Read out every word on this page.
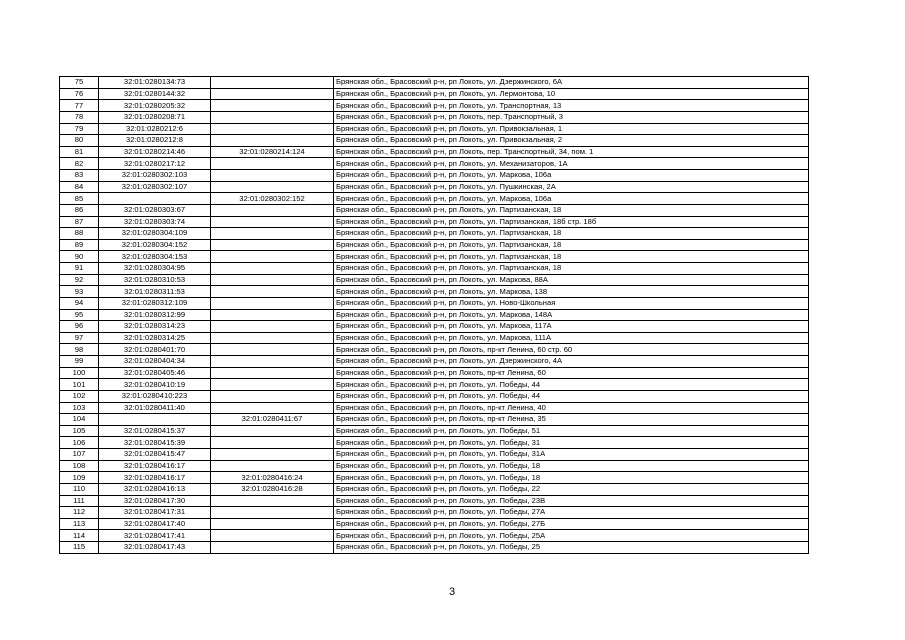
75	32:01:0280134:73		Брянская обл., Брасовский р-н, рп Локоть, ул. Дзержинского, 6А
76	32:01:0280144:32		Брянская обл., Брасовский р-н, рп Локоть, ул. Лермонтова, 10
77	32:01:0280205:32		Брянская обл., Брасовский р-н, рп Локоть, ул. Транспортная, 13
78	32:01:0280208:71		Брянская обл., Брасовский р-н, рп Локоть, пер. Транспортный, 3
79	32:01:0280212:6		Брянская обл., Брасовский р-н, рп Локоть, ул. Привокзальная, 1
80	32:01:0280212:8		Брянская обл., Брасовский р-н, рп Локоть, ул. Привокзальная, 2
81	32:01:0280214:46	32:01:0280214:124	Брянская обл., Брасовский р-н, рп Локоть, пер. Транспортный, 34, пом. 1
82	32:01:0280217:12		Брянская обл., Брасовский р-н, рп Локоть, ул. Механизаторов, 1А
83	32:01:0280302:103		Брянская обл., Брасовский р-н, рп Локоть, ул. Маркова, 106а
84	32:01:0280302:107		Брянская обл., Брасовский р-н, рп Локоть, ул. Пушкинская, 2А
85		32:01:0280302:152	Брянская обл., Брасовский р-н, рп Локоть, ул. Маркова, 106а
86	32:01:0280303:67		Брянская обл., Брасовский р-н, рп Локоть, ул. Партизанская, 18
87	32:01:0280303:74		Брянская обл., Брасовский р-н, рп Локоть, ул. Партизанская, 18б стр. 18б
88	32:01:0280304:109		Брянская обл., Брасовский р-н, рп Локоть, ул. Партизанская, 18
89	32:01:0280304:152		Брянская обл., Брасовский р-н, рп Локоть, ул. Партизанская, 18
90	32:01:0280304:153		Брянская обл., Брасовский р-н, рп Локоть, ул. Партизанская, 18
91	32:01:0280304:95		Брянская обл., Брасовский р-н, рп Локоть, ул. Партизанская, 18
92	32:01:0280310:53		Брянская обл., Брасовский р-н, рп Локоть, ул. Маркова, 88А
93	32:01:0280311:53		Брянская обл., Брасовский р-н, рп Локоть, ул. Маркова, 138
94	32:01:0280312:109		Брянская обл., Брасовский р-н, рп Локоть, ул. Ново-Школьная
95	32:01:0280312:99		Брянская обл., Брасовский р-н, рп Локоть, ул. Маркова, 148А
96	32:01:0280314:23		Брянская обл., Брасовский р-н, рп Локоть, ул. Маркова, 117А
97	32:01:0280314:25		Брянская обл., Брасовский р-н, рп Локоть, ул. Маркова, 111А
98	32:01:0280401:70		Брянская обл., Брасовский р-н, рп Локоть, пр-кт Ленина, 60 стр. 60
99	32:01:0280404:34		Брянская обл., Брасовский р-н, рп Локоть, ул. Дзержинского, 4А
100	32:01:0280405:46		Брянская обл., Брасовский р-н, рп Локоть, пр-кт Ленина, 60
101	32:01:0280410:19		Брянская обл., Брасовский р-н, рп Локоть, ул. Победы, 44
102	32:01:0280410:223		Брянская обл., Брасовский р-н, рп Локоть, ул. Победы, 44
103	32:01:0280411:40		Брянская обл., Брасовский р-н, рп Локоть, пр-кт Ленина, 40
104		32:01:0280411:67	Брянская обл., Брасовский р-н, рп Локоть, пр-кт Ленина, 35
105	32:01:0280415:37		Брянская обл., Брасовский р-н, рп Локоть, ул. Победы, 51
106	32:01:0280415:39		Брянская обл., Брасовский р-н, рп Локоть, ул. Победы, 31
107	32:01:0280415:47		Брянская обл., Брасовский р-н, рп Локоть, ул. Победы, 31А
108	32:01:0280416:17		Брянская обл., Брасовский р-н, рп Локоть, ул. Победы, 18
109	32:01:0280416:17	32:01:0280416:24	Брянская обл., Брасовский р-н, рп Локоть, ул. Победы, 18
110	32:01:0280416:13	32:01:0280416:28	Брянская обл., Брасовский р-н, рп Локоть, ул. Победы, 22
111	32:01:0280417:30		Брянская обл., Брасовский р-н, рп Локоть, ул. Победы, 23В
112	32:01:0280417:31		Брянская обл., Брасовский р-н, рп Локоть, ул. Победы, 27А
113	32:01:0280417:40		Брянская обл., Брасовский р-н, рп Локоть, ул. Победы, 27Б
114	32:01:0280417:41		Брянская обл., Брасовский р-н, рп Локоть, ул. Победы, 25А
115	32:01:0280417:43		Брянская обл., Брасовский р-н, рп Локоть, ул. Победы, 25
3
